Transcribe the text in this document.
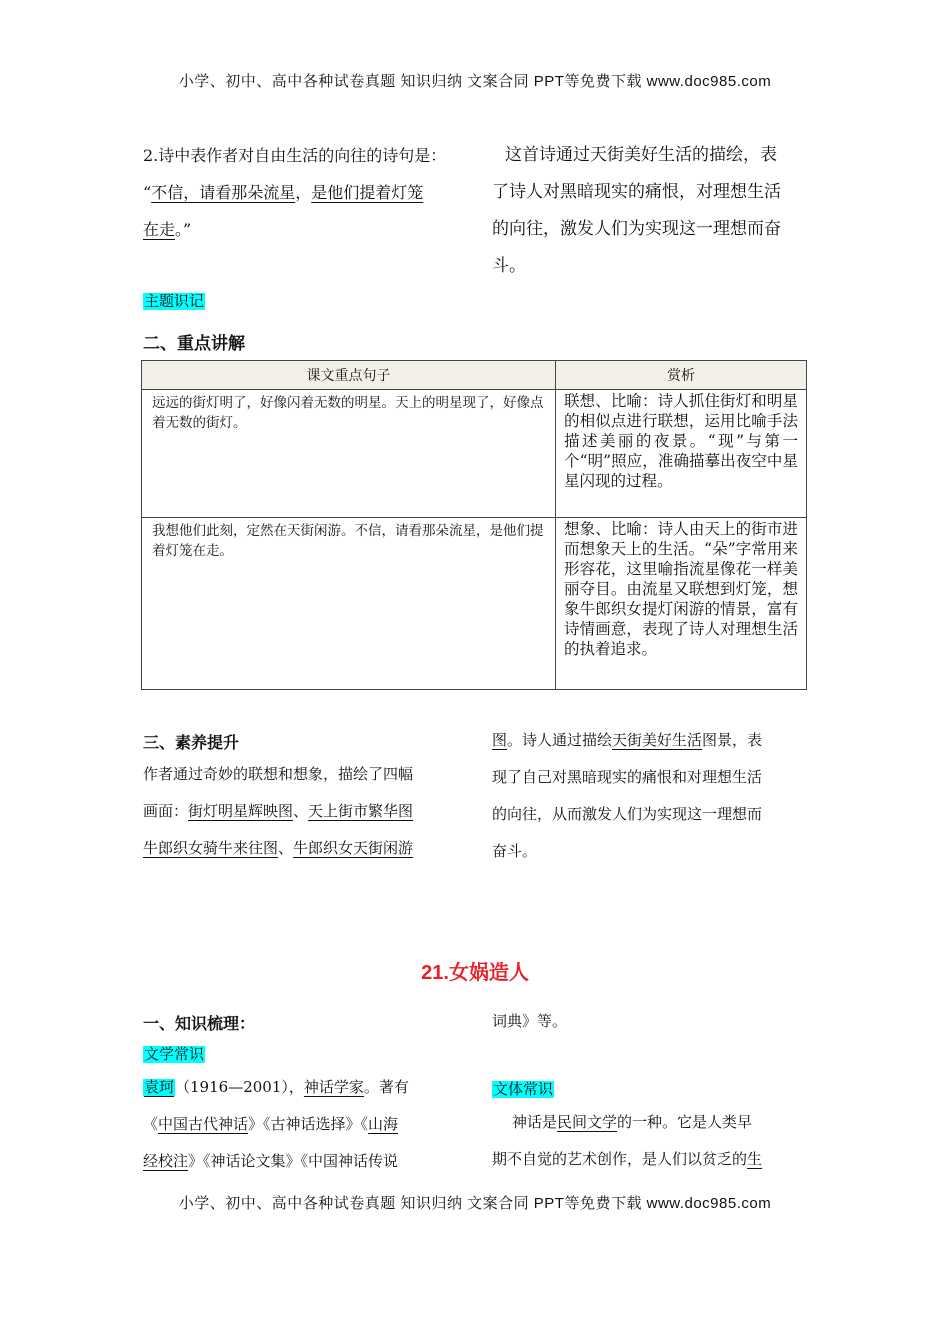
小学、初中、高中各种试卷真题 知识归纳 文案合同 PPT等免费下载 www.doc985.com
2.诗中表作者对自由生活的向往的诗句是：
“不信，请看那朵流星，是他们提着灯笼
在走。”
这首诗通过天街美好生活的描绘，表
了诗人对黑暗现实的痛恨，对理想生活
的向往，激发人们为实现这一理想而奋
斗。
主题识记
二、重点讲解
课文重点句子	赏析
远远的街灯明了，好像闪着无数的明星。天上的明星现了，好像点着无数的街灯。	联想、比喻：诗人抓住街灯和明星的相似点进行联想，运用比喻手法描述美丽的夜景。“现”与第一个“明”照应，准确描摹出夜空中星星闪现的过程。
我想他们此刻，定然在天街闲游。不信，请看那朵流星，是他们提着灯笼在走。	想象、比喻：诗人由天上的街市进而想象天上的生活。“朵”字常用来形容花，这里喻指流星像花一样美丽夺目。由流星又联想到灯笼，想象牛郎织女提灯闲游的情景，富有诗情画意，表现了诗人对理想生活的执着追求。
三、素养提升
作者通过奇妙的联想和想象，描绘了四幅
画面：街灯明星辉映图、天上街市繁华图
牛郎织女骑牛来往图、牛郎织女天街闲游
图。诗人通过描绘天街美好生活图景，表
现了自己对黑暗现实的痛恨和对理想生活
的向往，从而激发人们为实现这一理想而
奋斗。
21.女娲造人
一、知识梳理：
文学常识
袁珂（1916—2001），神话学家。著有
《中国古代神话》《古神话选择》《山海
经校注》《神话论文集》《中国神话传说
词典》等。
文体常识
神话是民间文学的一种。它是人类早
期不自觉的艺术创作，是人们以贫乏的生
小学、初中、高中各种试卷真题 知识归纳 文案合同 PPT等免费下载 www.doc985.com
